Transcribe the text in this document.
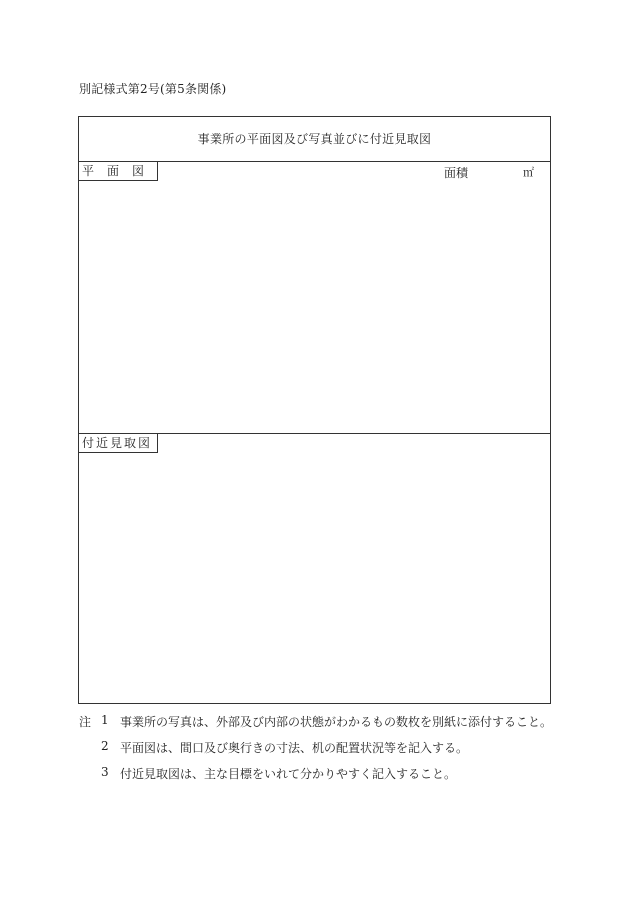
別記様式第2号(第5条関係)
事業所の平面図及び写真並びに付近見取図
平面図	面積	㎡
付近見取図
注 1 事業所の写真は、外部及び内部の状態がわかるもの数枚を別紙に添付すること。
2 平面図は、間口及び奥行きの寸法、机の配置状況等を記入する。
3 付近見取図は、主な目標をいれて分かりやすく記入すること。
